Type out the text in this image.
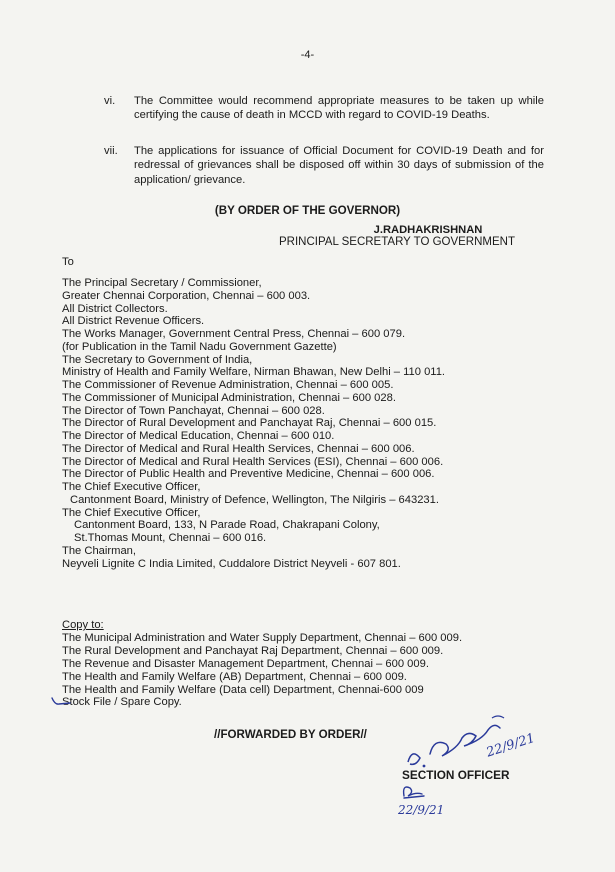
-4-
vi.	The Committee would recommend appropriate measures to be taken up while certifying the cause of death in MCCD with regard to COVID-19 Deaths.
vii.	The applications for issuance of Official Document for COVID-19 Death and for redressal of grievances shall be disposed off within 30 days of submission of the application/ grievance.
(BY ORDER OF THE GOVERNOR)
J.RADHAKRISHNAN
PRINCIPAL SECRETARY TO GOVERNMENT
To
The Principal Secretary / Commissioner,
Greater Chennai Corporation, Chennai – 600 003.
All District Collectors.
All District Revenue Officers.
The Works Manager, Government Central Press, Chennai – 600 079.
(for Publication in the Tamil Nadu Government Gazette)
The Secretary to Government of India,
Ministry of Health and Family Welfare, Nirman Bhawan, New Delhi – 110 011.
The Commissioner of Revenue Administration, Chennai – 600 005.
The Commissioner of Municipal Administration, Chennai – 600 028.
The Director of Town Panchayat, Chennai – 600 028.
The Director of Rural Development and Panchayat Raj, Chennai – 600 015.
The Director of Medical Education, Chennai – 600 010.
The Director of Medical and Rural Health Services, Chennai – 600 006.
The Director of Medical and Rural Health Services (ESI), Chennai – 600 006.
The Director of Public Health and Preventive Medicine, Chennai – 600 006.
The Chief Executive Officer,
Cantonment Board, Ministry of Defence, Wellington, The Nilgiris – 643231.
The Chief Executive Officer,
Cantonment Board, 133, N Parade Road, Chakrapani Colony,
St.Thomas Mount, Chennai – 600 016.
The Chairman,
Neyveli Lignite C India Limited, Cuddalore District Neyveli - 607 801.
Copy to:
The Municipal Administration and Water Supply Department, Chennai – 600 009.
The Rural Development and Panchayat Raj Department, Chennai – 600 009.
The Revenue and Disaster Management Department, Chennai – 600 009.
The Health and Family Welfare (AB) Department, Chennai – 600 009.
The Health and Family Welfare (Data cell) Department, Chennai-600 009
Stock File / Spare Copy.
//FORWARDED BY ORDER//	22/9/21
SECTION OFFICER
22/9/21
